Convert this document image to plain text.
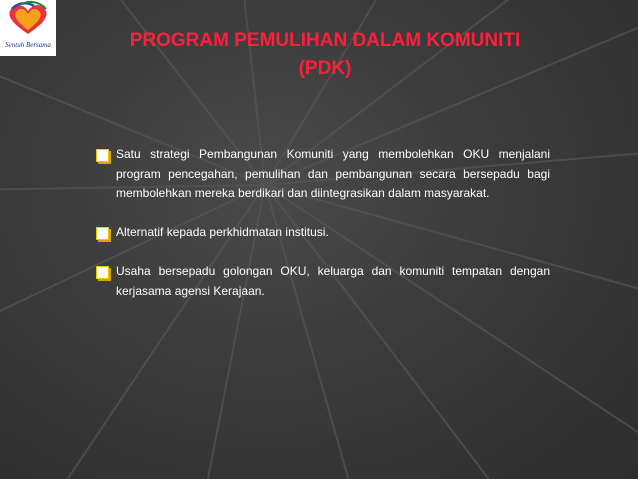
Sentuh Bersama	PROGRAM PEMULIHAN DALAM KOMUNITI
(PDK)
Satu strategi Pembangunan Komuniti yang membolehkan OKU menjalani program pencegahan, pemulihan dan pembangunan secara bersepadu bagi membolehkan mereka berdikari dan diintegrasikan dalam masyarakat.
Alternatif kepada perkhidmatan institusi.
Usaha bersepadu golongan OKU, keluarga dan komuniti tempatan dengan kerjasama agensi Kerajaan.
